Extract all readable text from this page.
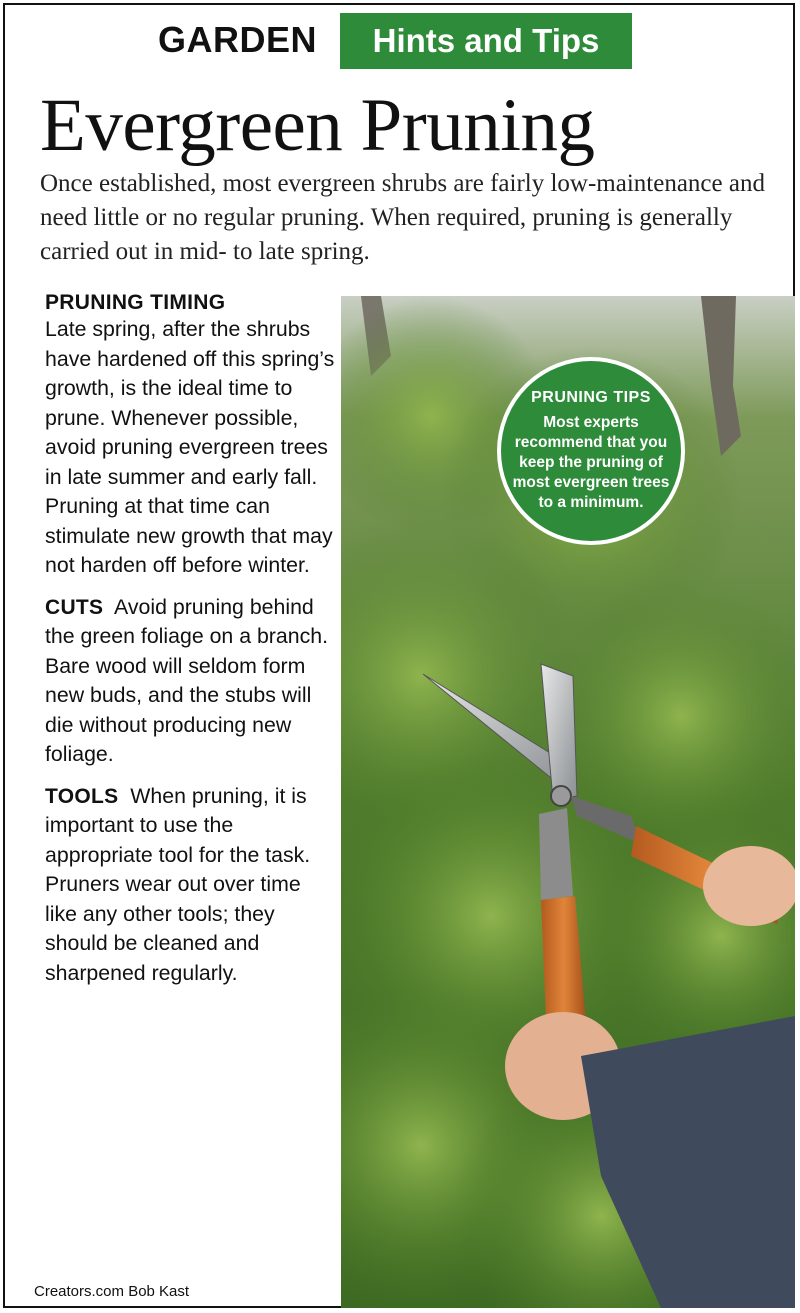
GARDEN Hints and Tips
Evergreen Pruning

Once established, most evergreen shrubs are fairly low-maintenance and need little or no regular pruning. When required, pruning is generally carried out in mid- to late spring.

PRUNING TIMING

Late spring, after the shrubs have hardened off this spring’s growth, is the ideal time to prune. Whenever possible, avoid pruning evergreen trees in late summer and early fall. Pruning at that time can stimulate new growth that may not harden off before winter.

CUTS Avoid pruning behind the green foliage on a branch. Bare wood will seldom form new buds, and the stubs will die without producing new foliage.

TOOLS When pruning, it is important to use the appropriate tool for the task. Pruners wear out over time like any other tools; they should be cleaned and sharpened regularly.

PRUNING TIPS
Most experts recommend that you keep the pruning of most evergreen trees to a minimum.
Creators.com Bob Kast
